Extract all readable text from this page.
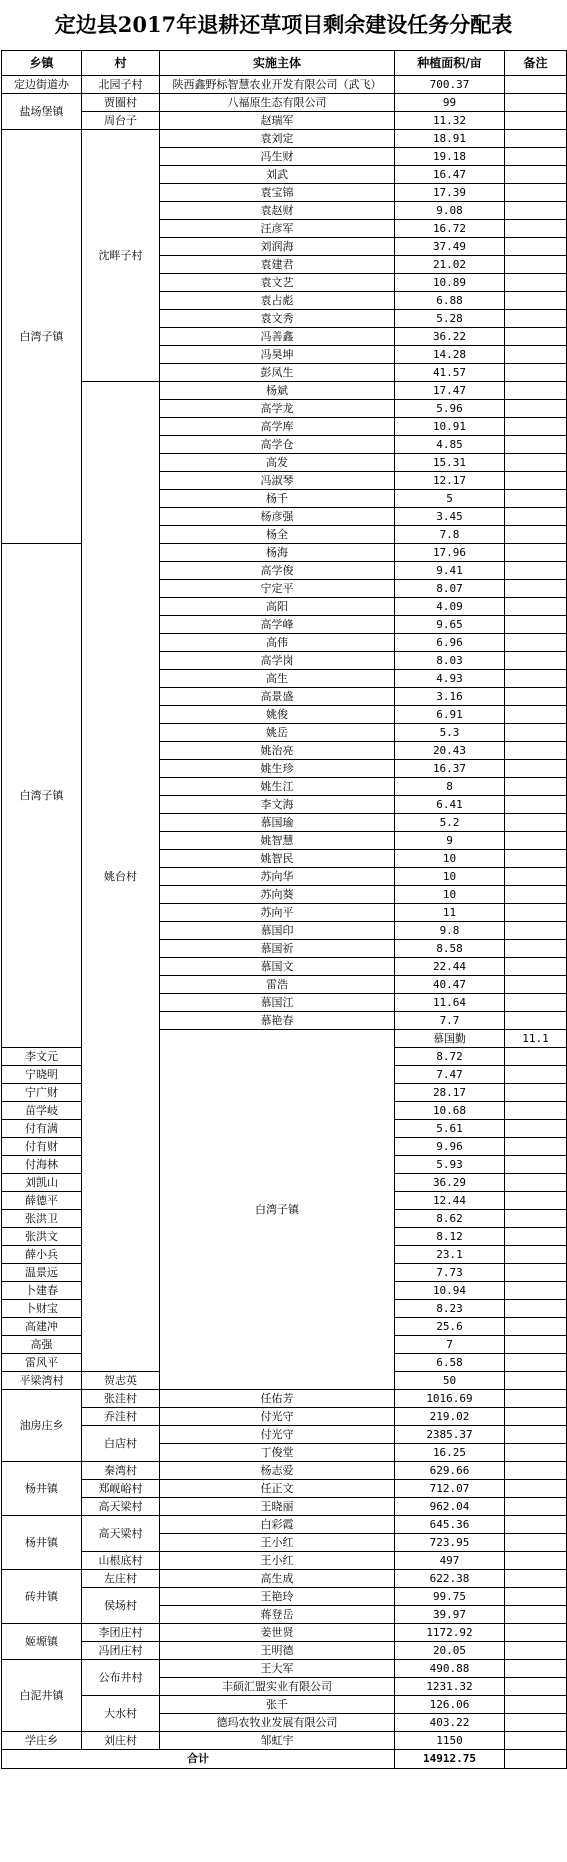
定边县2017年退耕还草项目剩余建设任务分配表
乡镇	村	实施主体	种植面积/亩	备注	
定边街道办	北园子村	陕西鑫野标智慧农业开发有限公司（武飞）	700.37		
盐场堡镇	贾圈村	八福原生态有限公司	99		
	周台子	赵瑞军	11.32		
白湾子镇	沈畔子村	袁刘定	18.91		
		冯生财	19.18		
		刘武	16.47		
		袁宝锦	17.39		
		袁赵财	9.08		
		汪彦军	16.72		
		刘润海	37.49		
		袁建君	21.02		
		袁文艺	10.89		
		袁占彪	6.88		
		袁文秀	5.28		
		冯善鑫	36.22		
		冯昊坤	14.28		
		彭凤生	41.57		
	姚台村	杨斌	17.47		
		高学龙	5.96		
		高学库	10.91		
		高学仓	4.85		
		高发	15.31		
		冯淑琴	12.17		
		杨千	5		
		杨彦强	3.45		
		杨全	7.8		
白湾子镇		杨海	17.96		
		高学俊	9.41		
		宁定平	8.07		
		高阳	4.09		
		高学峰	9.65		
		高伟	6.96		
		高学岗	8.03		
		高生	4.93		
		高景盛	3.16		
		姚俊	6.91		
		姚岳	5.3		
		姚治亮	20.43		
		姚生珍	16.37		
		姚生江	8		
		李文海	6.41		
		慕国瑜	5.2		
		姚智慧	9		
		姚智民	10		
		苏向华	10		
		苏向葵	10		
		苏向平	11		
		慕国印	9.8		
		慕国祈	8.58		
		慕国文	22.44		
		雷浩	40.47		
		慕国江	11.64		
		慕艳春	7.7		
		白湾子镇	慕国勤	11.1	
李文元			8.72		
宁晓明			7.47		
宁广财			28.17		
苗学岐			10.68		
付有满			5.61		
付有财			9.96		
付海林			5.93		
刘凯山			36.29		
薛德平			12.44		
张洪卫			8.62		
张洪文			8.12		
薛小兵			23.1		
温景远			7.73		
卜建春			10.94		
卜财宝			8.23		
高建冲			25.6		
高强			7		
雷风平			6.58		
平梁湾村	贺志英		50		
油房庄乡	张洼村	任佑芳	1016.69		
	乔洼村	付光守	219.02		
	白店村	付光守	2385.37		
		丁俊堂	16.25		
杨井镇	秦湾村	杨志爱	629.66		
	郑岘峪村	任正文	712.07		
	高天梁村	王晓丽	962.04		
杨井镇	高天梁村	白彩霞	645.36		
		王小红	723.95		
	山根底村	王小红	497		
砖井镇	左庄村	高生成	622.38		
	侯场村	王艳玲	99.75		
		蒋登岳	39.97		
姬塬镇	李团庄村	姜世贤	1172.92		
	冯团庄村	王明德	20.05		
白泥井镇	公布井村	王大军	490.88		
		丰硕汇盟实业有限公司	1231.32		
	大水村	张千	126.06		
		德玛农牧业发展有限公司	403.22		
学庄乡	刘庄村	邹虹宇	1150		
合计			14912.75		
